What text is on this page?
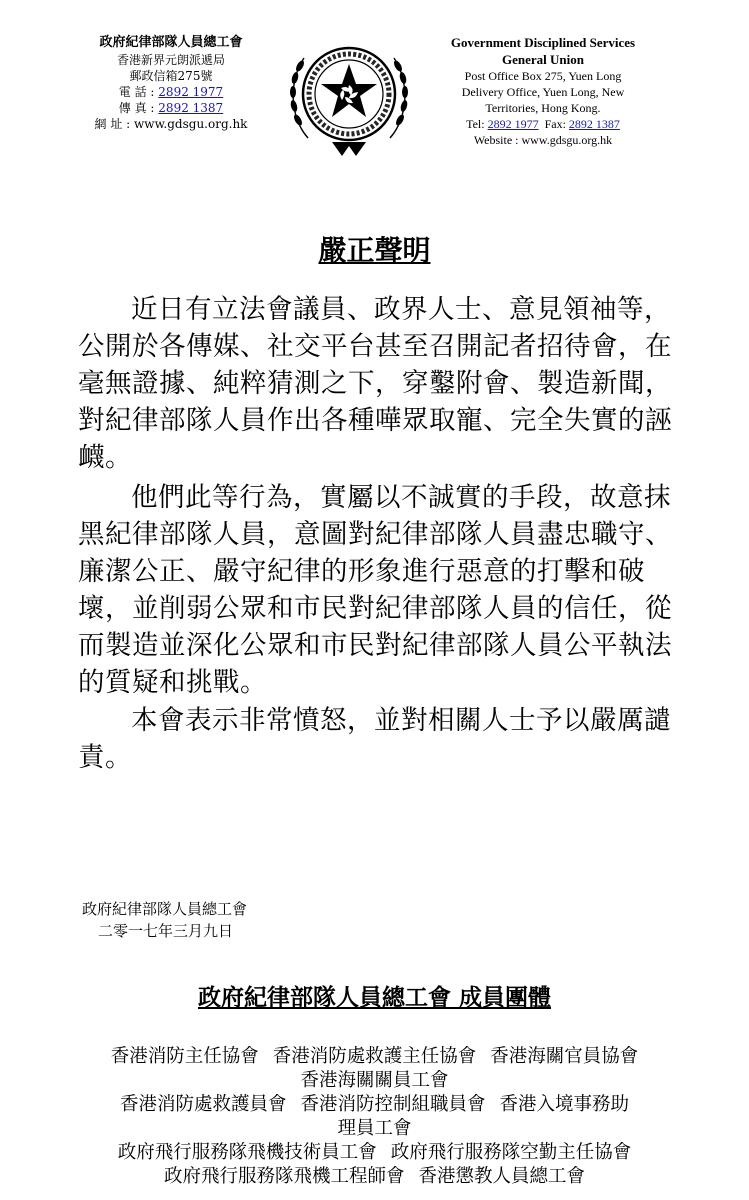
政府紀律部隊人員總工會
香港新界元朗派遞局
郵政信箱275號
電 話 : 2892 1977
傳 真 : 2892 1387
網 址 : www.gdsgu.org.hk
Government Disciplined Services
General Union
Post Office Box 275, Yuen Long
Delivery Office, Yuen Long, New
Territories, Hong Kong.
Tel: 2892 1977  Fax: 2892 1387
Website : www.gdsgu.org.hk
嚴正聲明

近日有立法會議員、政界人士、意見領袖等，公開於各傳媒、社交平台甚至召開記者招待會，在毫無證據、純粹猜測之下，穿鑿附會、製造新聞，對紀律部隊人員作出各種嘩眾取寵、完全失實的誣衊。

他們此等行為，實屬以不誠實的手段，故意抹黑紀律部隊人員，意圖對紀律部隊人員盡忠職守、廉潔公正、嚴守紀律的形象進行惡意的打擊和破壞，並削弱公眾和市民對紀律部隊人員的信任，從而製造並深化公眾和市民對紀律部隊人員公平執法的質疑和挑戰。

本會表示非常憤怒，並對相關人士予以嚴厲譴責。

政府紀律部隊人員總工會
二零一七年三月九日
政府紀律部隊人員總工會 成員團體
香港消防主任協會 香港消防處救護主任協會 香港海關官員協會
香港海關關員工會
香港消防處救護員會 香港消防控制組職員會 香港入境事務助
理員工會
政府飛行服務隊飛機技術員工會 政府飛行服務隊空勤主任協會
政府飛行服務隊飛機工程師會 香港懲教人員總工會
